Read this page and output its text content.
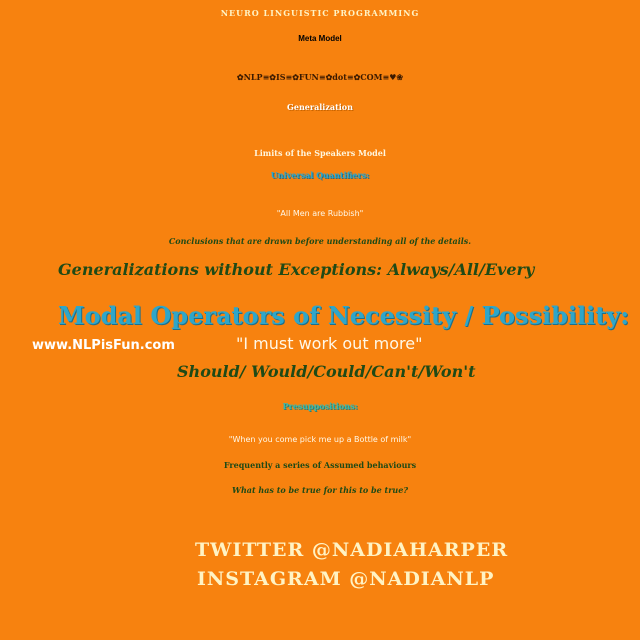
NEURO LINGUISTIC PROGRAMMING
Meta Model
✿NLP≡✿IS≡✿FUN≡✿dot≡✿COM≡♥❀
Generalization
Limits of the Speakers Model
Universal Quantifiers:
"All Men are Rubbish"
Conclusions that are drawn before understanding all of the details.
Generalizations without Exceptions: Always/All/Every
Modal Operators of Necessity / Possibility:
www.NLPisFun.com	"I must work out more"
Should/ Would/Could/Can't/Won't
Presuppositions:
"When you come pick me up a Bottle of milk"
Frequently a series of Assumed behaviours
What has to be true for this to be true?
TWITTER @NADIAHARPER
INSTAGRAM @NADIANLP
